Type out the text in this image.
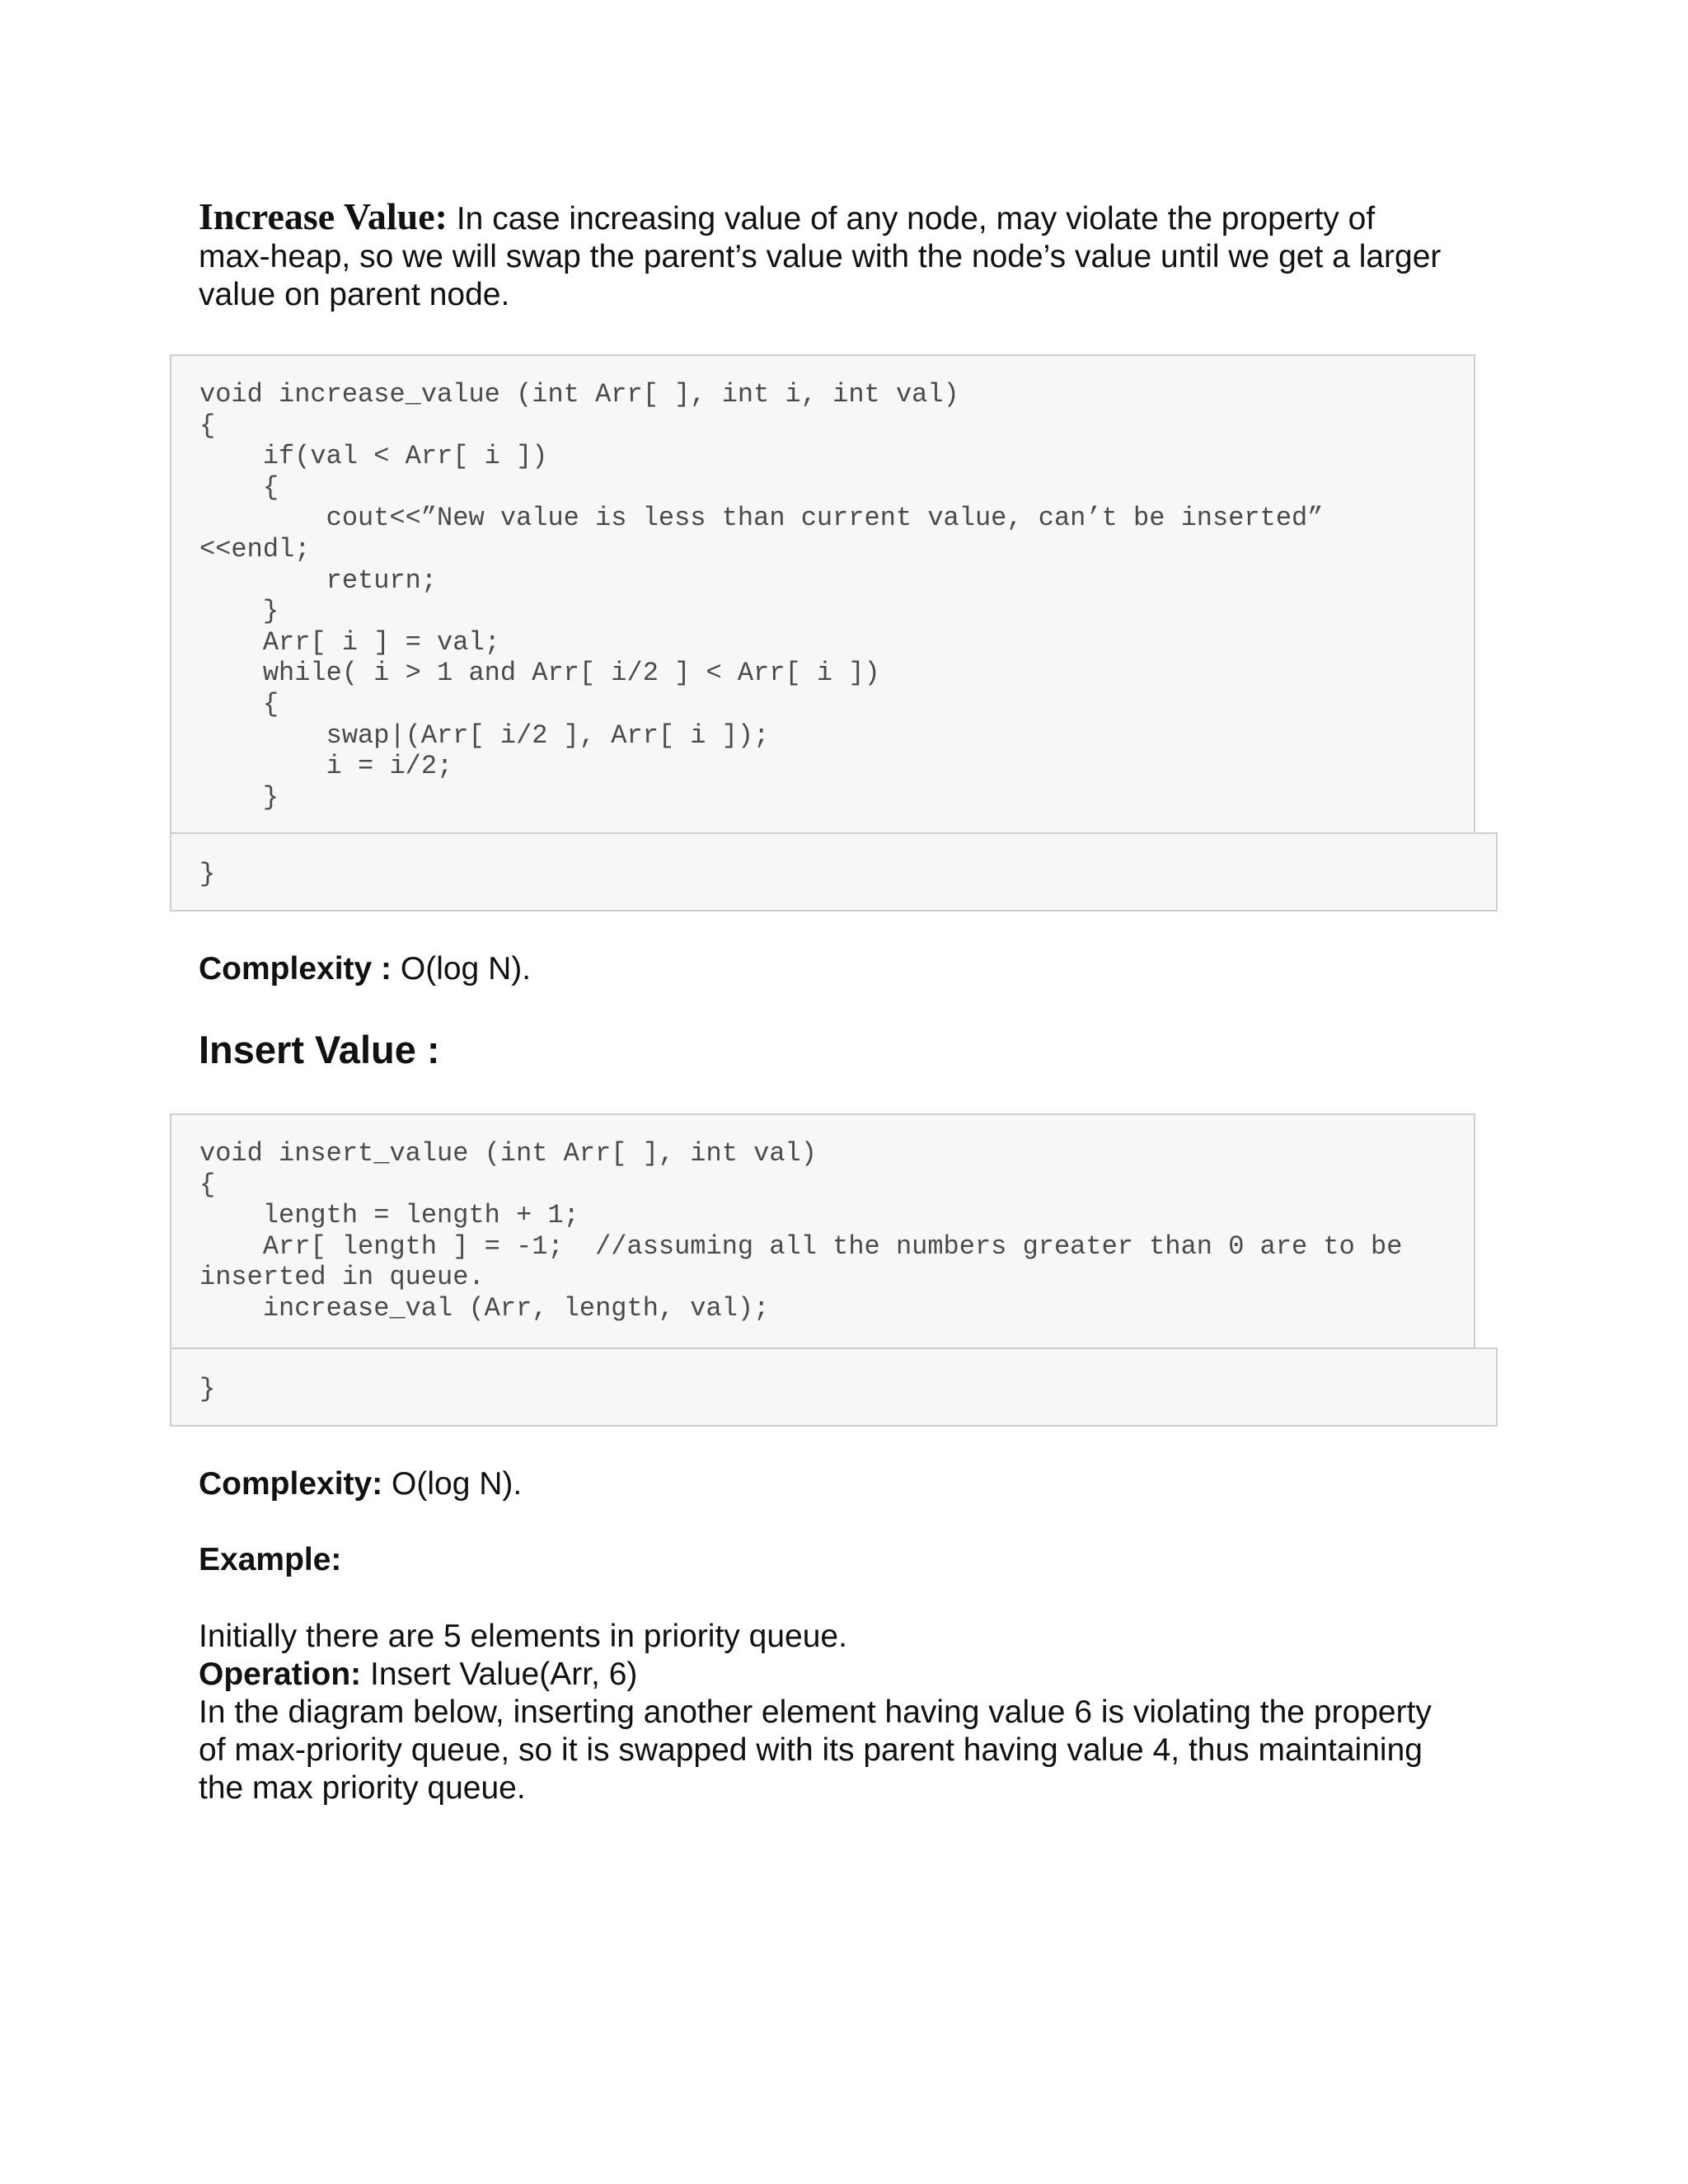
Increase Value: In case increasing value of any node, may violate the property of
max-heap, so we will swap the parent’s value with the node’s value until we get a larger
value on parent node.
void increase_value (int Arr[ ], int i, int val)
{
if(val < Arr[ i ])
{
cout<<”New value is less than current value, can’t be inserted”
<<endl;
return;
}
Arr[ i ] = val;
while( i > 1 and Arr[ i/2 ] < Arr[ i ])
{
swap|(Arr[ i/2 ], Arr[ i ]);
i = i/2;
}
}
Complexity : O(log N).
Insert Value :
void insert_value (int Arr[ ], int val)
{
length = length + 1;
Arr[ length ] = -1;  //assuming all the numbers greater than 0 are to be
inserted in queue.
increase_val (Arr, length, val);
}
Complexity: O(log N).
Example:
Initially there are 5 elements in priority queue.
Operation: Insert Value(Arr, 6)
In the diagram below, inserting another element having value 6 is violating the property
of max-priority queue, so it is swapped with its parent having value 4, thus maintaining
the max priority queue.
